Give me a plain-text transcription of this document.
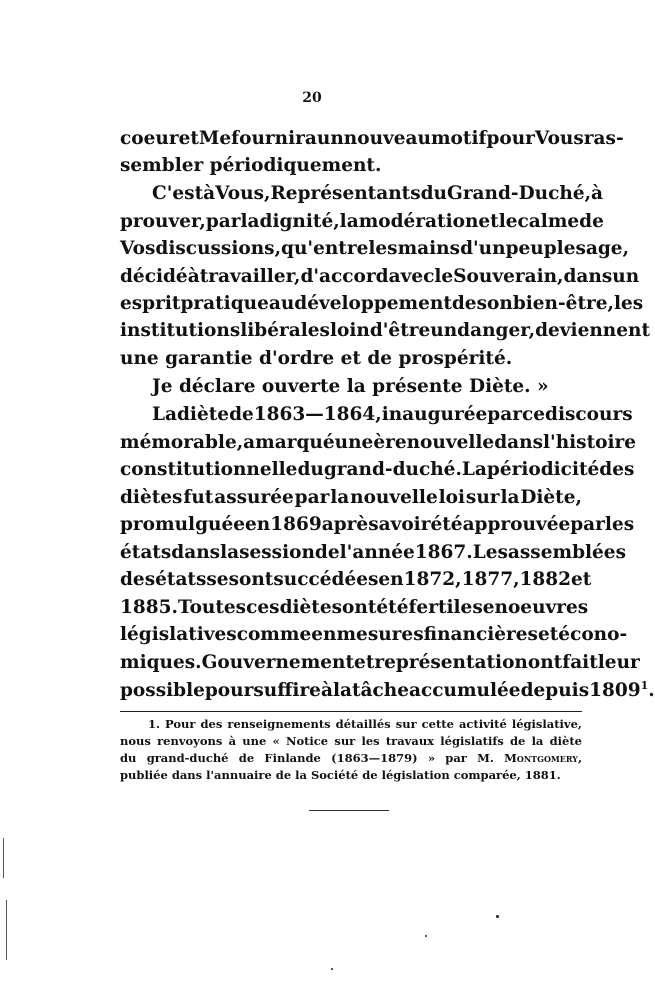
20
coeur et Me fournira un nouveau motif pour Vous ras-
sembler périodiquement.
C'est à Vous, Représentants du Grand-Duché, à
prouver, par la dignité, la modération et le calme de
Vos discussions, qu'entre les mains d'un peuple sage,
décidé à travailler, d'accord avec le Souverain, dans un
esprit pratique au développement de son bien-être, les
institutions libérales loin d'être un danger, deviennent
une garantie d'ordre et de prospérité.
Je déclare ouverte la présente Diète. »
La diète de 1863—1864, inaugurée par ce discours
mémorable, a marqué une ère nouvelle dans l'histoire
constitutionnelle du grand-duché. La périodicité des
diètes fut assurée par la nouvelle loi sur la Diète,
promulguée en 1869 après avoir été approuvée par les
états dans la session de l'année 1867. Les assemblées
des états se sont succédées en 1872, 1877, 1882 et
1885. Toutes ces diètes ont été fertiles en oeuvres
législatives comme en mesures financières et écono-
miques. Gouvernement et représentation ont fait leur
possible pour suffire à la tâche accumulée depuis 1809$^1$.
1. Pour des renseignements détaillés sur cette activité législative,
nous renvoyons à une « Notice sur les travaux législatifs de la diète
du grand-duché de Finlande (1863—1879) » par M. Montgomery,
publiée dans l'annuaire de la Société de législation comparée, 1881.
